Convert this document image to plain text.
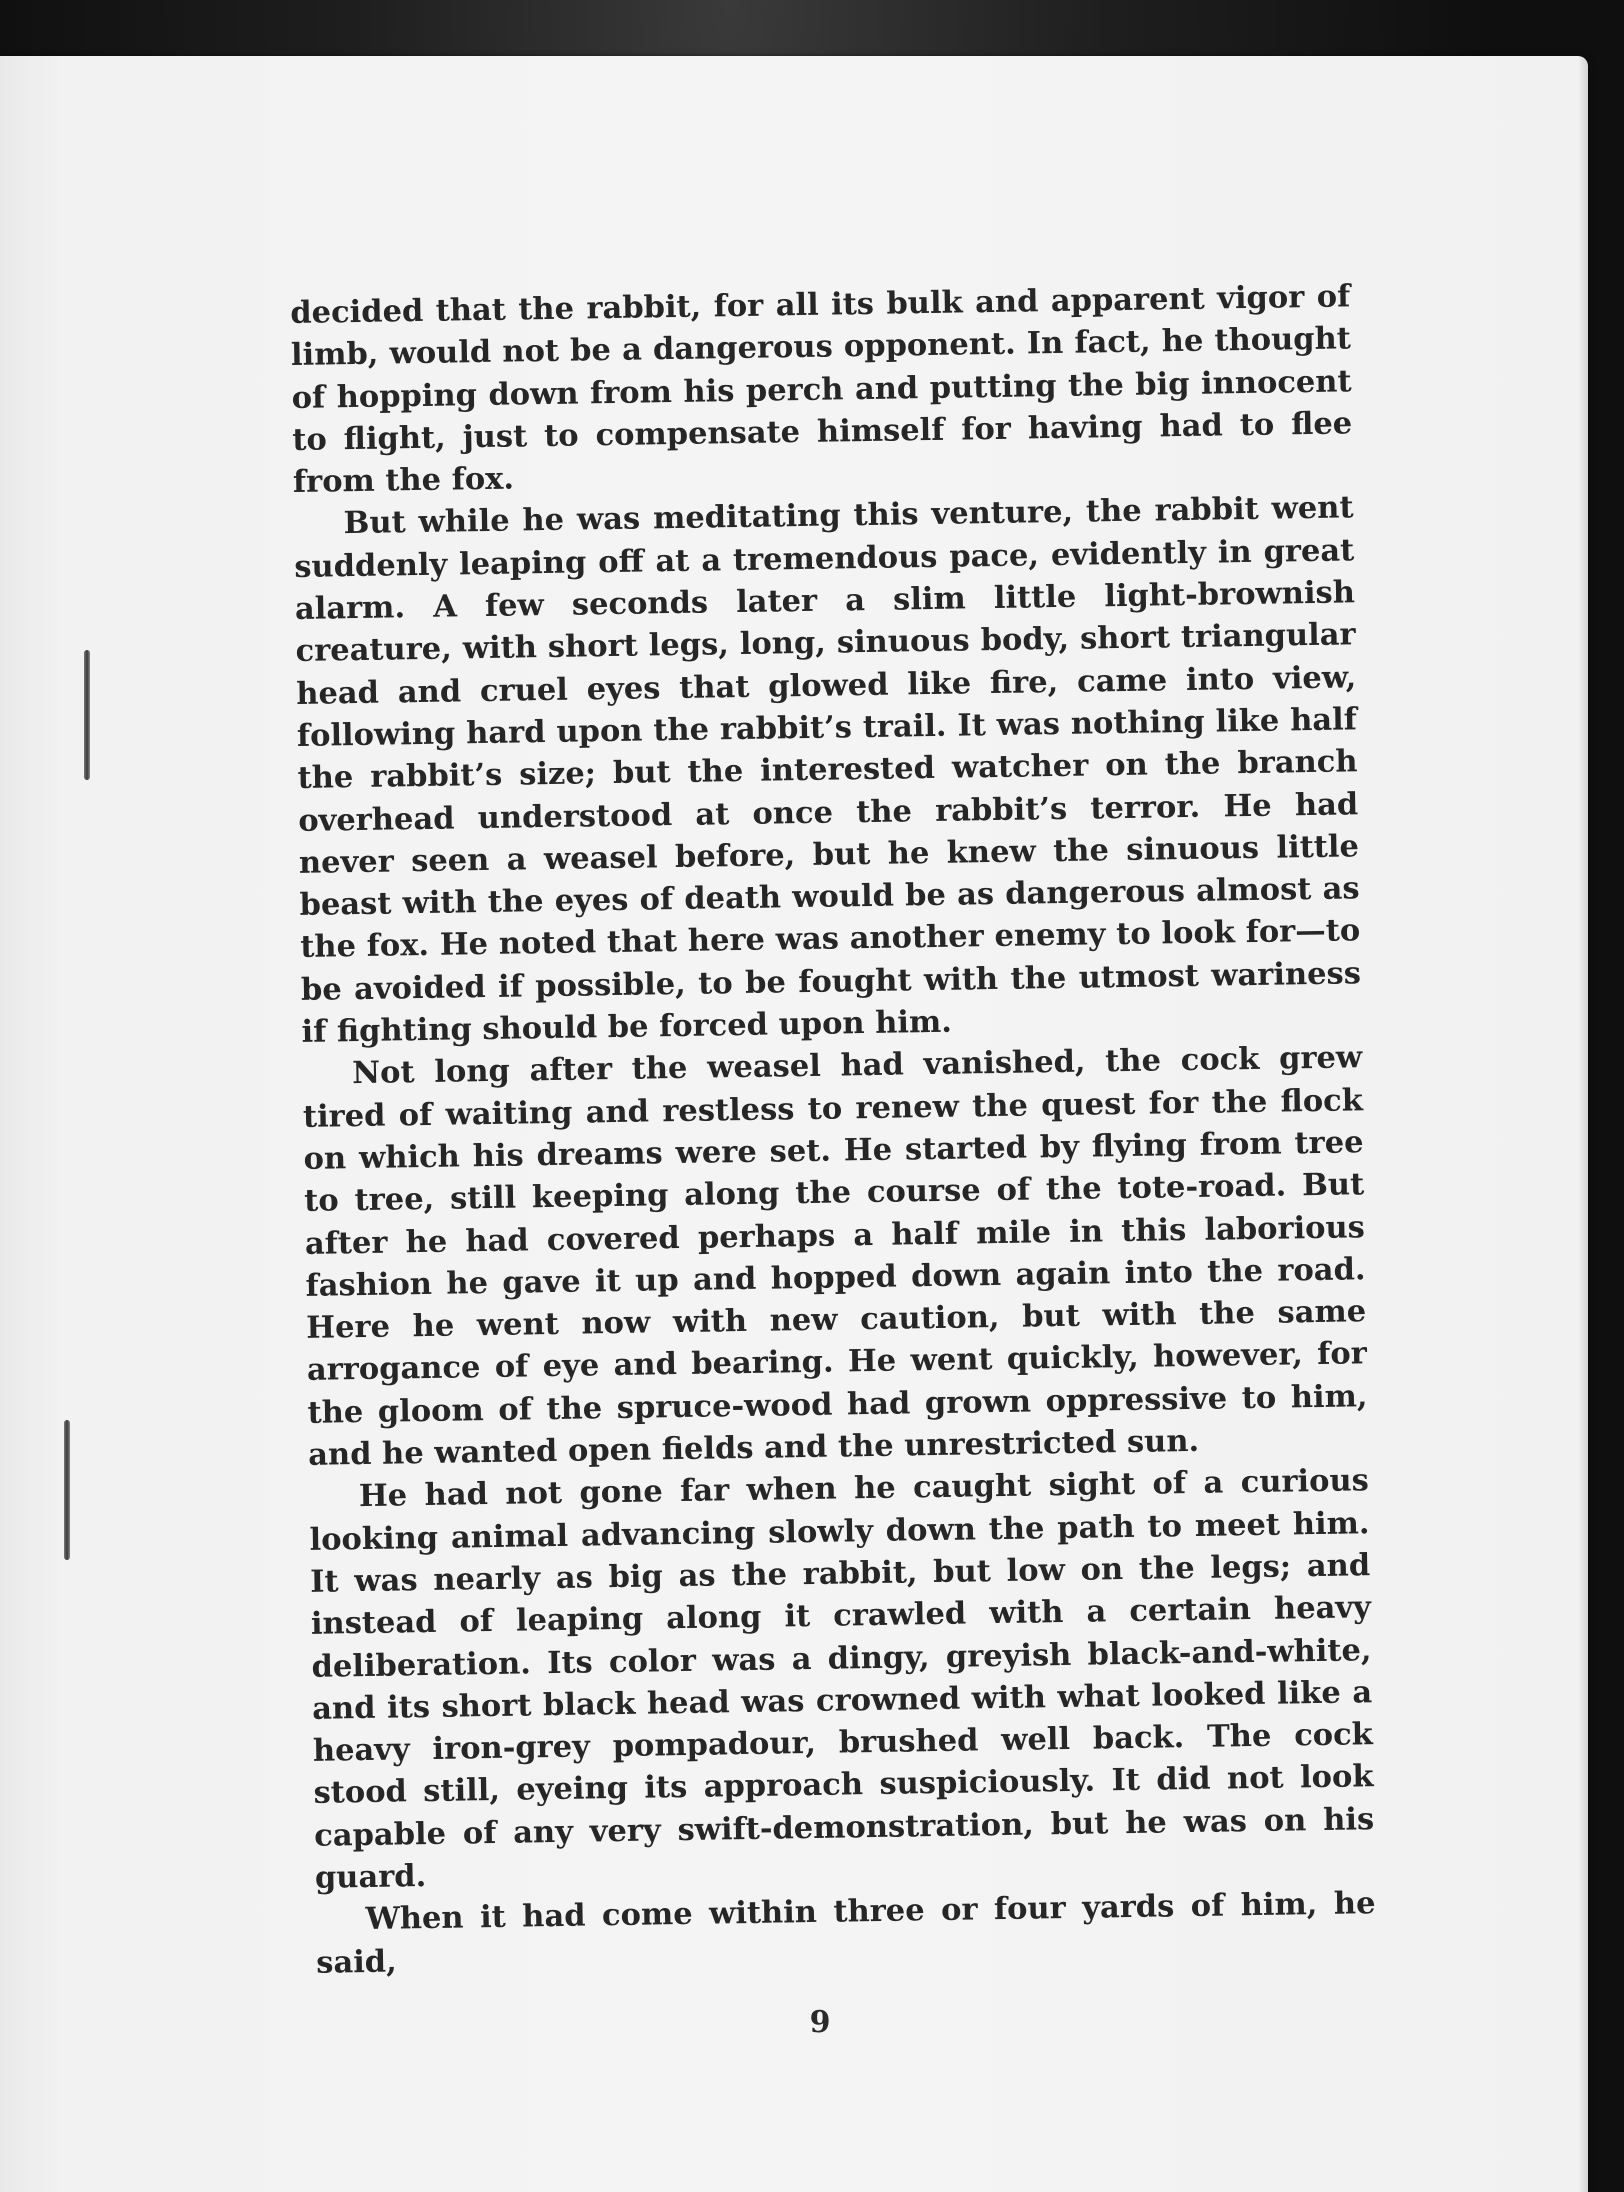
decided that the rabbit, for all its bulk and apparent vigor of limb, would not be a dangerous opponent. In fact, he thought of hopping down from his perch and putting the big innocent to flight, just to compensate himself for having had to flee from the fox.

But while he was meditating this venture, the rabbit went suddenly leaping off at a tremendous pace, evidently in great alarm. A few seconds later a slim little light-brownish creature, with short legs, long, sinuous body, short triangular head and cruel eyes that glowed like fire, came into view, following hard upon the rabbit’s trail. It was nothing like half the rabbit’s size; but the interested watcher on the branch overhead understood at once the rabbit’s terror. He had never seen a weasel before, but he knew the sinuous little beast with the eyes of death would be as dangerous almost as the fox. He noted that here was another enemy to look for—to be avoided if possible, to be fought with the utmost wariness if fighting should be forced upon him.

Not long after the weasel had vanished, the cock grew tired of waiting and restless to renew the quest for the flock on which his dreams were set. He started by flying from tree to tree, still keeping along the course of the tote-road. But after he had covered perhaps a half mile in this laborious fashion he gave it up and hopped down again into the road. Here he went now with new caution, but with the same arrogance of eye and bearing. He went quickly, however, for the gloom of the spruce-wood had grown oppressive to him, and he wanted open fields and the unrestricted sun.

He had not gone far when he caught sight of a curious looking animal advancing slowly down the path to meet him. It was nearly as big as the rabbit, but low on the legs; and instead of leaping along it crawled with a certain heavy deliberation. Its color was a dingy, greyish black-and-white, and its short black head was crowned with what looked like a heavy iron-grey pompadour, brushed well back. The cock stood still, eyeing its approach suspiciously. It did not look capable of any very swift-demonstration, but he was on his guard.

When it had come within three or four yards of him, he said,

9
